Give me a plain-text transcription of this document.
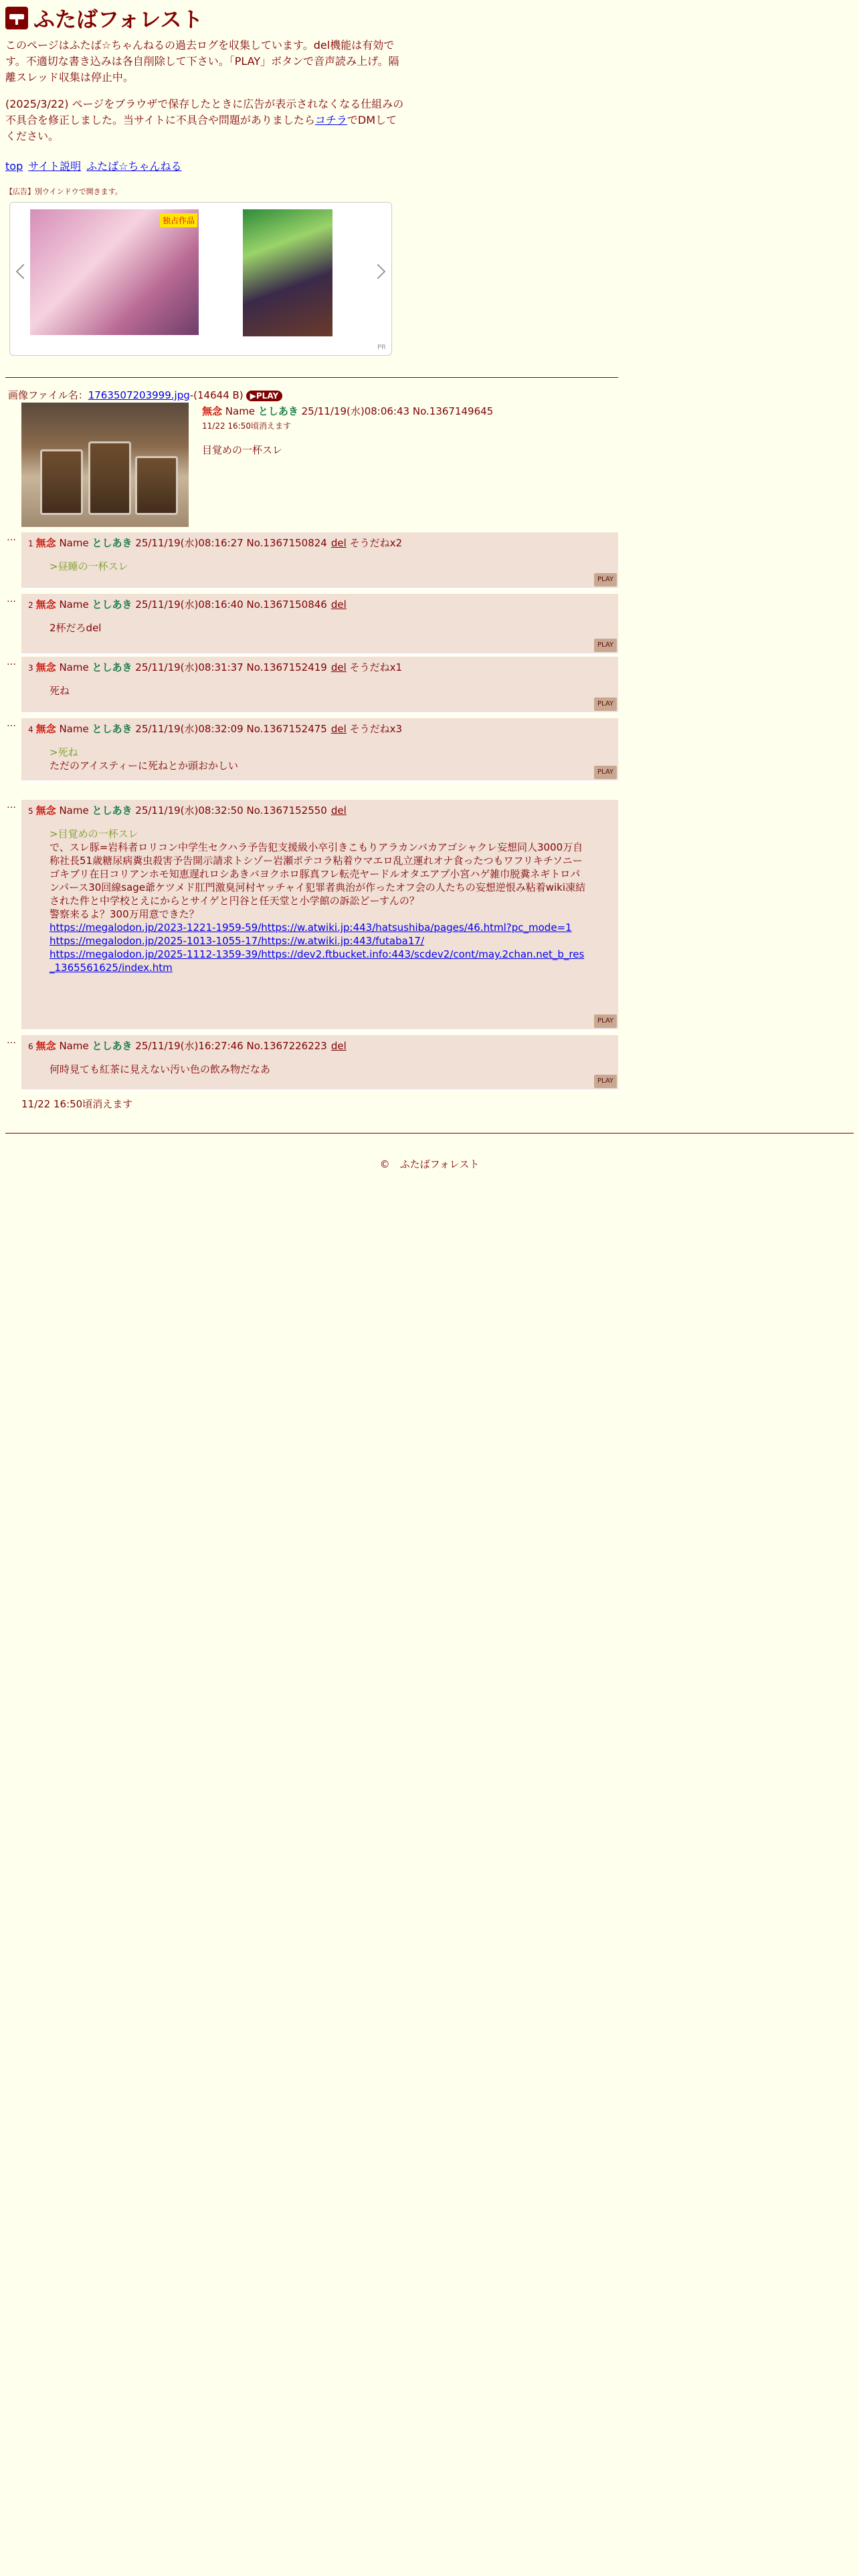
ふたばフォレスト

このページはふたば☆ちゃんねるの過去ログを収集しています。del機能は有効です。不適切な書き込みは各自削除して下さい。「PLAY」ボタンで音声読み上げ。隔離スレッド収集は停止中。

(2025/3/22) ページをブラウザで保存したときに広告が表示されなくなる仕組みの不具合を修正しました。当サイトに不具合や問題がありましたらコチラでDMしてください。

top サイト説明 ふたば☆ちゃんねる
【広告】別ウインドウで開きます。
独占作品
PR
画像ファイル名：1763507203999.jpg-(14644 B) ▶PLAY
無念 Name としあき 25/11/19(水)08:06:43 No.1367149645
11/22 16:50頃消えます
目覚めの一杯スレ
…
1 無念 Name としあき 25/11/19(水)08:16:27 No.1367150824 del そうだねx2
>昼睡の一杯スレ
PLAY
…
2 無念 Name としあき 25/11/19(水)08:16:40 No.1367150846 del
2杯だろdel
PLAY
…
3 無念 Name としあき 25/11/19(水)08:31:37 No.1367152419 del そうだねx1
死ね
PLAY
…
4 無念 Name としあき 25/11/19(水)08:32:09 No.1367152475 del そうだねx3
>死ね
ただのアイスティーに死ねとか頭おかしい
PLAY
…
5 無念 Name としあき 25/11/19(水)08:32:50 No.1367152550 del
>目覚めの一杯スレ
で、スレ豚=岩科者ロリコン中学生セクハラ予告犯支援級小卒引きこもりアラカンバカアゴシャクレ妄想同人3000万自称社長51歳糖尿病糞虫殺害予告開示請求トシゾー岩瀬ポテコラ粘着ウマエロ乱立運れオナ食ったつもワフリキチソニーゴキブリ在日コリアンホモ知恵遅れロシあきバヨクホロ豚真フレ転売ヤードルオタエアプ小宮ハゲ雑巾脱糞ネギトロパンパース30回線sage爺ケツメド肛門激臭河村ヤッチャイ犯罪者典治が作ったオフ会の人たちの妄想逆恨み粘着wiki凍結された件と中学校とえにからとサイゲと円谷と任天堂と小学館の訴訟どーすんの？
警察来るよ？300万用意できた？
https://megalodon.jp/2023-1221-1959-59/https://w.atwiki.jp:443/hatsushiba/pages/46.html?pc_mode=1
https://megalodon.jp/2025-1013-1055-17/https://w.atwiki.jp:443/futaba17/
https://megalodon.jp/2025-1112-1359-39/https://dev2.ftbucket.info:443/scdev2/cont/may.2chan.net_b_res_1365561625/index.htm
PLAY
…
6 無念 Name としあき 25/11/19(水)16:27:46 No.1367226223 del
何時見ても紅茶に見えない汚い色の飲み物だなあ
PLAY
11/22 16:50頃消えます
©　ふたばフォレスト
